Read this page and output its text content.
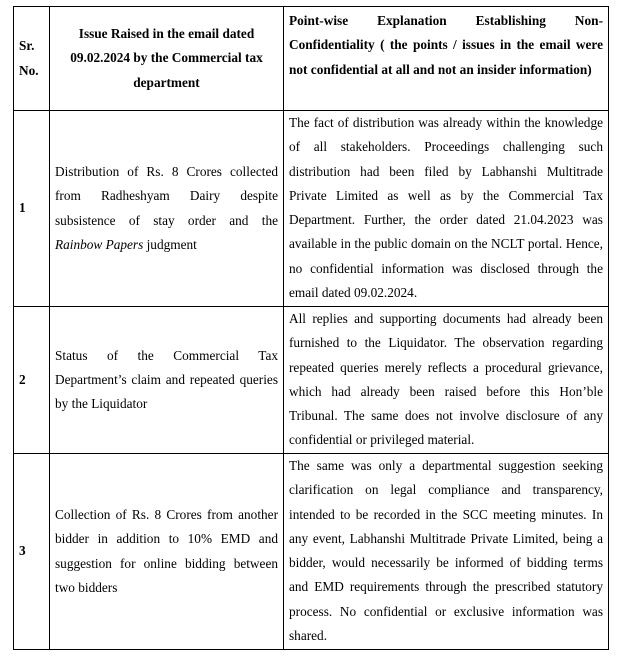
Sr. No.	Issue Raised in the email dated 09.02.2024 by the Commercial tax department	Point-wise Explanation Establishing Non-Confidentiality ( the points / issues in the email were not confidential at all and not an insider information)
1	Distribution of Rs. 8 Crores collected from Radheshyam Dairy despite subsistence of stay order and the Rainbow Papers judgment	The fact of distribution was already within the knowledge of all stakeholders. Proceedings challenging such distribution had been filed by Labhanshi Multitrade Private Limited as well as by the Commercial Tax Department. Further, the order dated 21.04.2023 was available in the public domain on the NCLT portal. Hence, no confidential information was disclosed through the email dated 09.02.2024.
2	Status of the Commercial Tax Department’s claim and repeated queries by the Liquidator	All replies and supporting documents had already been furnished to the Liquidator. The observation regarding repeated queries merely reflects a procedural grievance, which had already been raised before this Hon’ble Tribunal. The same does not involve disclosure of any confidential or privileged material.
3	Collection of Rs. 8 Crores from another bidder in addition to 10% EMD and suggestion for online bidding between two bidders	The same was only a departmental suggestion seeking clarification on legal compliance and transparency, intended to be recorded in the SCC meeting minutes. In any event, Labhanshi Multitrade Private Limited, being a bidder, would necessarily be informed of bidding terms and EMD requirements through the prescribed statutory process. No confidential or exclusive information was shared.
